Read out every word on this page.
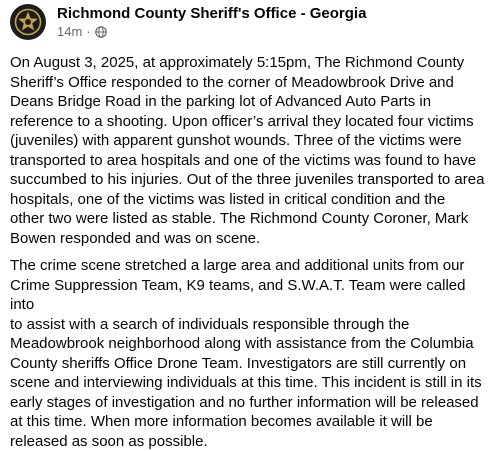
Richmond County Sheriff's Office - Georgia
14m ·

On August 3, 2025, at approximately 5:15pm, The Richmond County
Sheriff’s Office responded to the corner of Meadowbrook Drive and
Deans Bridge Road in the parking lot of Advanced Auto Parts in
reference to a shooting. Upon officer’s arrival they located four victims
(juveniles) with apparent gunshot wounds. Three of the victims were
transported to area hospitals and one of the victims was found to have
succumbed to his injuries. Out of the three juveniles transported to area
hospitals, one of the victims was listed in critical condition and the
other two were listed as stable. The Richmond County Coroner, Mark
Bowen responded and was on scene.

The crime scene stretched a large area and additional units from our
Crime Suppression Team, K9 teams, and S.W.A.T. Team were called into
to assist with a search of individuals responsible through the
Meadowbrook neighborhood along with assistance from the Columbia
County sheriffs Office Drone Team. Investigators are still currently on
scene and interviewing individuals at this time. This incident is still in its
early stages of investigation and no further information will be released
at this time. When more information becomes available it will be
released as soon as possible.
